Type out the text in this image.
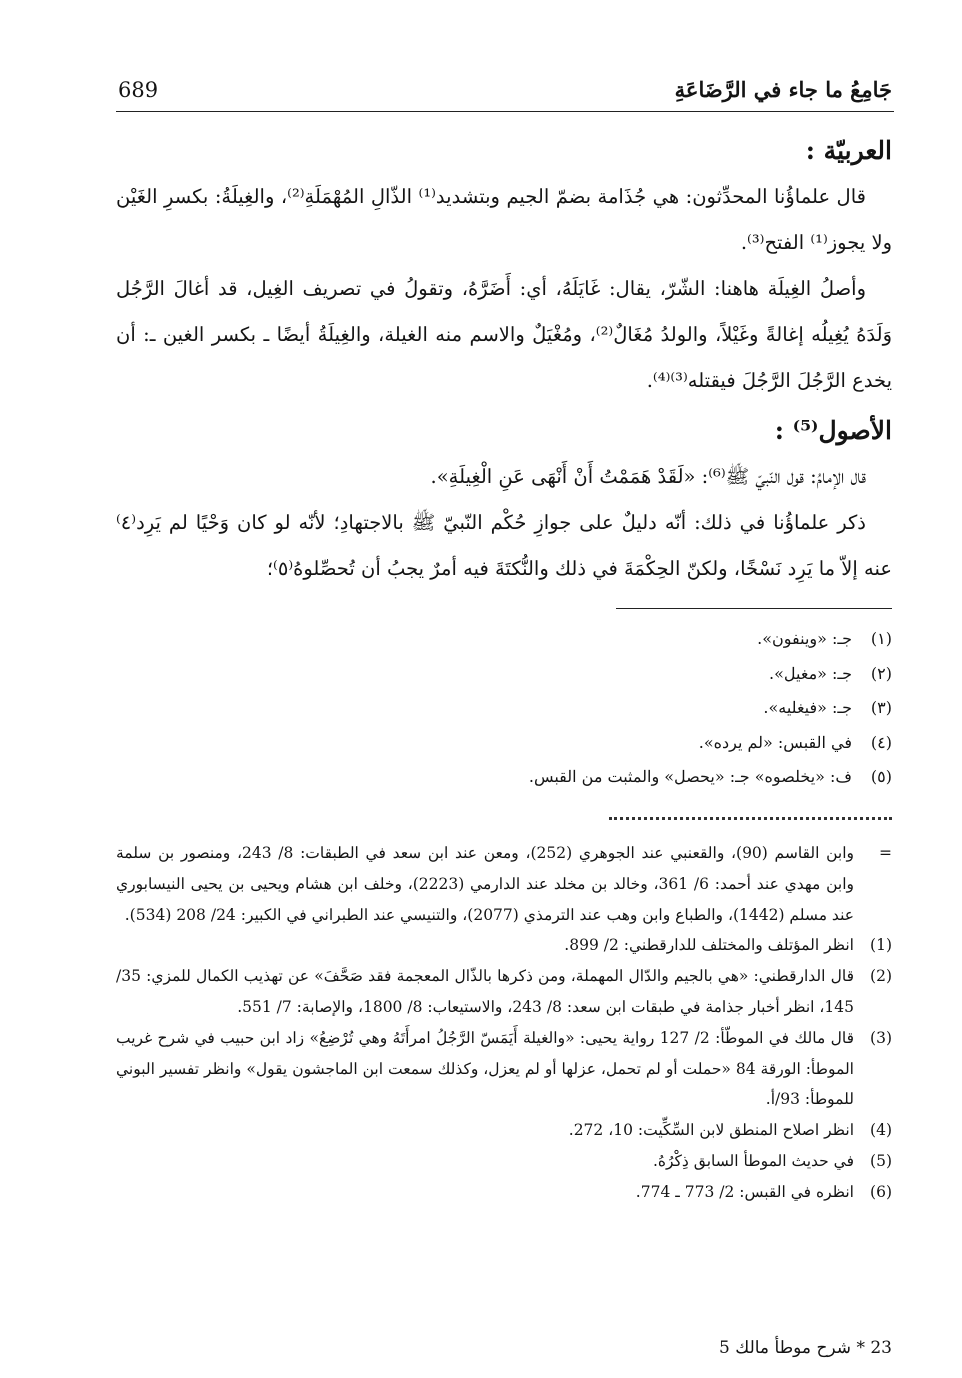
689	جَامِعُ ما جاء في الرَّضَاعَةِ

العربيّة :

قال علماؤُنا المحدِّثون: هي جُذَامة بضمّ الجيم وبتشديد⁽¹⁾ الذّالِ المُهْمَلَةِ⁽²⁾، والغِيلَةُ: بكسرِ الغَيْن ولا يجوز⁽¹⁾ الفتح⁽³⁾.

وأصلُ الغِيلَة هاهنا: الشّرّ، يقال: غَايَلَهُ، أي: أَضَرَّهُ، وتقولُ في تصريف الغِيل، قد أغالَ الرَّجُل وَلَدَهُ يُغِيلُه إغالةً وغَيْلاً، والولدُ مُغَالٌ⁽²⁾، ومُغْيَلٌ والاسم منه الغيلة، والغِيلَةُ أيضًا ـ بكسر الغين ـ: أن يخدع الرَّجُلَ الرَّجُلَ فيقتله⁽³⁾⁽⁴⁾.

الأصول⁽⁵⁾ :

قال الإمامُ: قول النّبيّ ﷺ⁽⁶⁾: «لَقَدْ هَمَمْتُ أَنْ أَنْهَى عَنِ الْغِيلَةِ».

ذكر علماؤُنا في ذلك: أنّه دليلٌ على جوازِ حُكْم النّبيّ ﷺ بالاجتهادِ؛ لأنّه لو كان وَحْيًا لم يَرِد⁽٤⁾ عنه إلاّ ما يَرِد نَسْخًا، ولكنّ الحِكْمَةَ في ذلك والنُّكتَةَ فيه أمرٌ يجبُ أن تُحصِّلوهُ⁽٥⁾؛

(١)
جـ: «وينفون».
(٢)
جـ: «مغيل».
(٣)
جـ: «فيغليه».
(٤)
في القبس: «لم يرده».
(٥)
ف: «يخلصوه» جـ: «يحصل» والمثبت من القبس.
=
وابن القاسم (90)، والقعنبي عند الجوهري (252)، ومعن عند ابن سعد في الطبقات: 8/ 243، ومنصور بن سلمة وابن مهدي عند أحمد: 6/ 361، وخالد بن مخلد عند الدارمي (2223)، وخلف ابن هشام ويحيى بن يحيى النيسابوري عند مسلم (1442)، والطباع وابن وهب عند الترمذي (2077)، والتنيسي عند الطبراني في الكبير: 24/ 208 (534).
(1)
انظر المؤتلف والمختلف للدارقطني: 2/ 899.
(2)
قال الدارقطني: «هي بالجيم والدّال المهملة، ومن ذكرها بالذّال المعجمة فقد صَحَّفَ» عن تهذيب الكمال للمزي: 35/ 145، انظر أخبار جذامة في طبقات ابن سعد: 8/ 243، والاستيعاب: 8/ 1800، والإصابة: 7/ 551.
(3)
قال مالك في الموطّأ: 2/ 127 رواية يحيى: «والغيلة أَيَمَسّ الرَّجُلُ امرأَتَهُ وهي تُرْضِعُ» زاد ابن حبيب في شرح غريب الموطأ: الورقة 84 «حملت أو لم تحمل، عزلها أو لم يعزل، وكذلك سمعت ابن الماجشون يقول» وانظر تفسير البوني للموطأ: 93/أ.
(4)
انظر اصلاح المنطق لابن السِّكِّيت: 10، 272.
(5)
في حديث الموطأ السابق ذِكْرُهُ.
(6)
انظره في القبس: 2/ 773 ـ 774.
23 * شرح موطأ مالك 5
